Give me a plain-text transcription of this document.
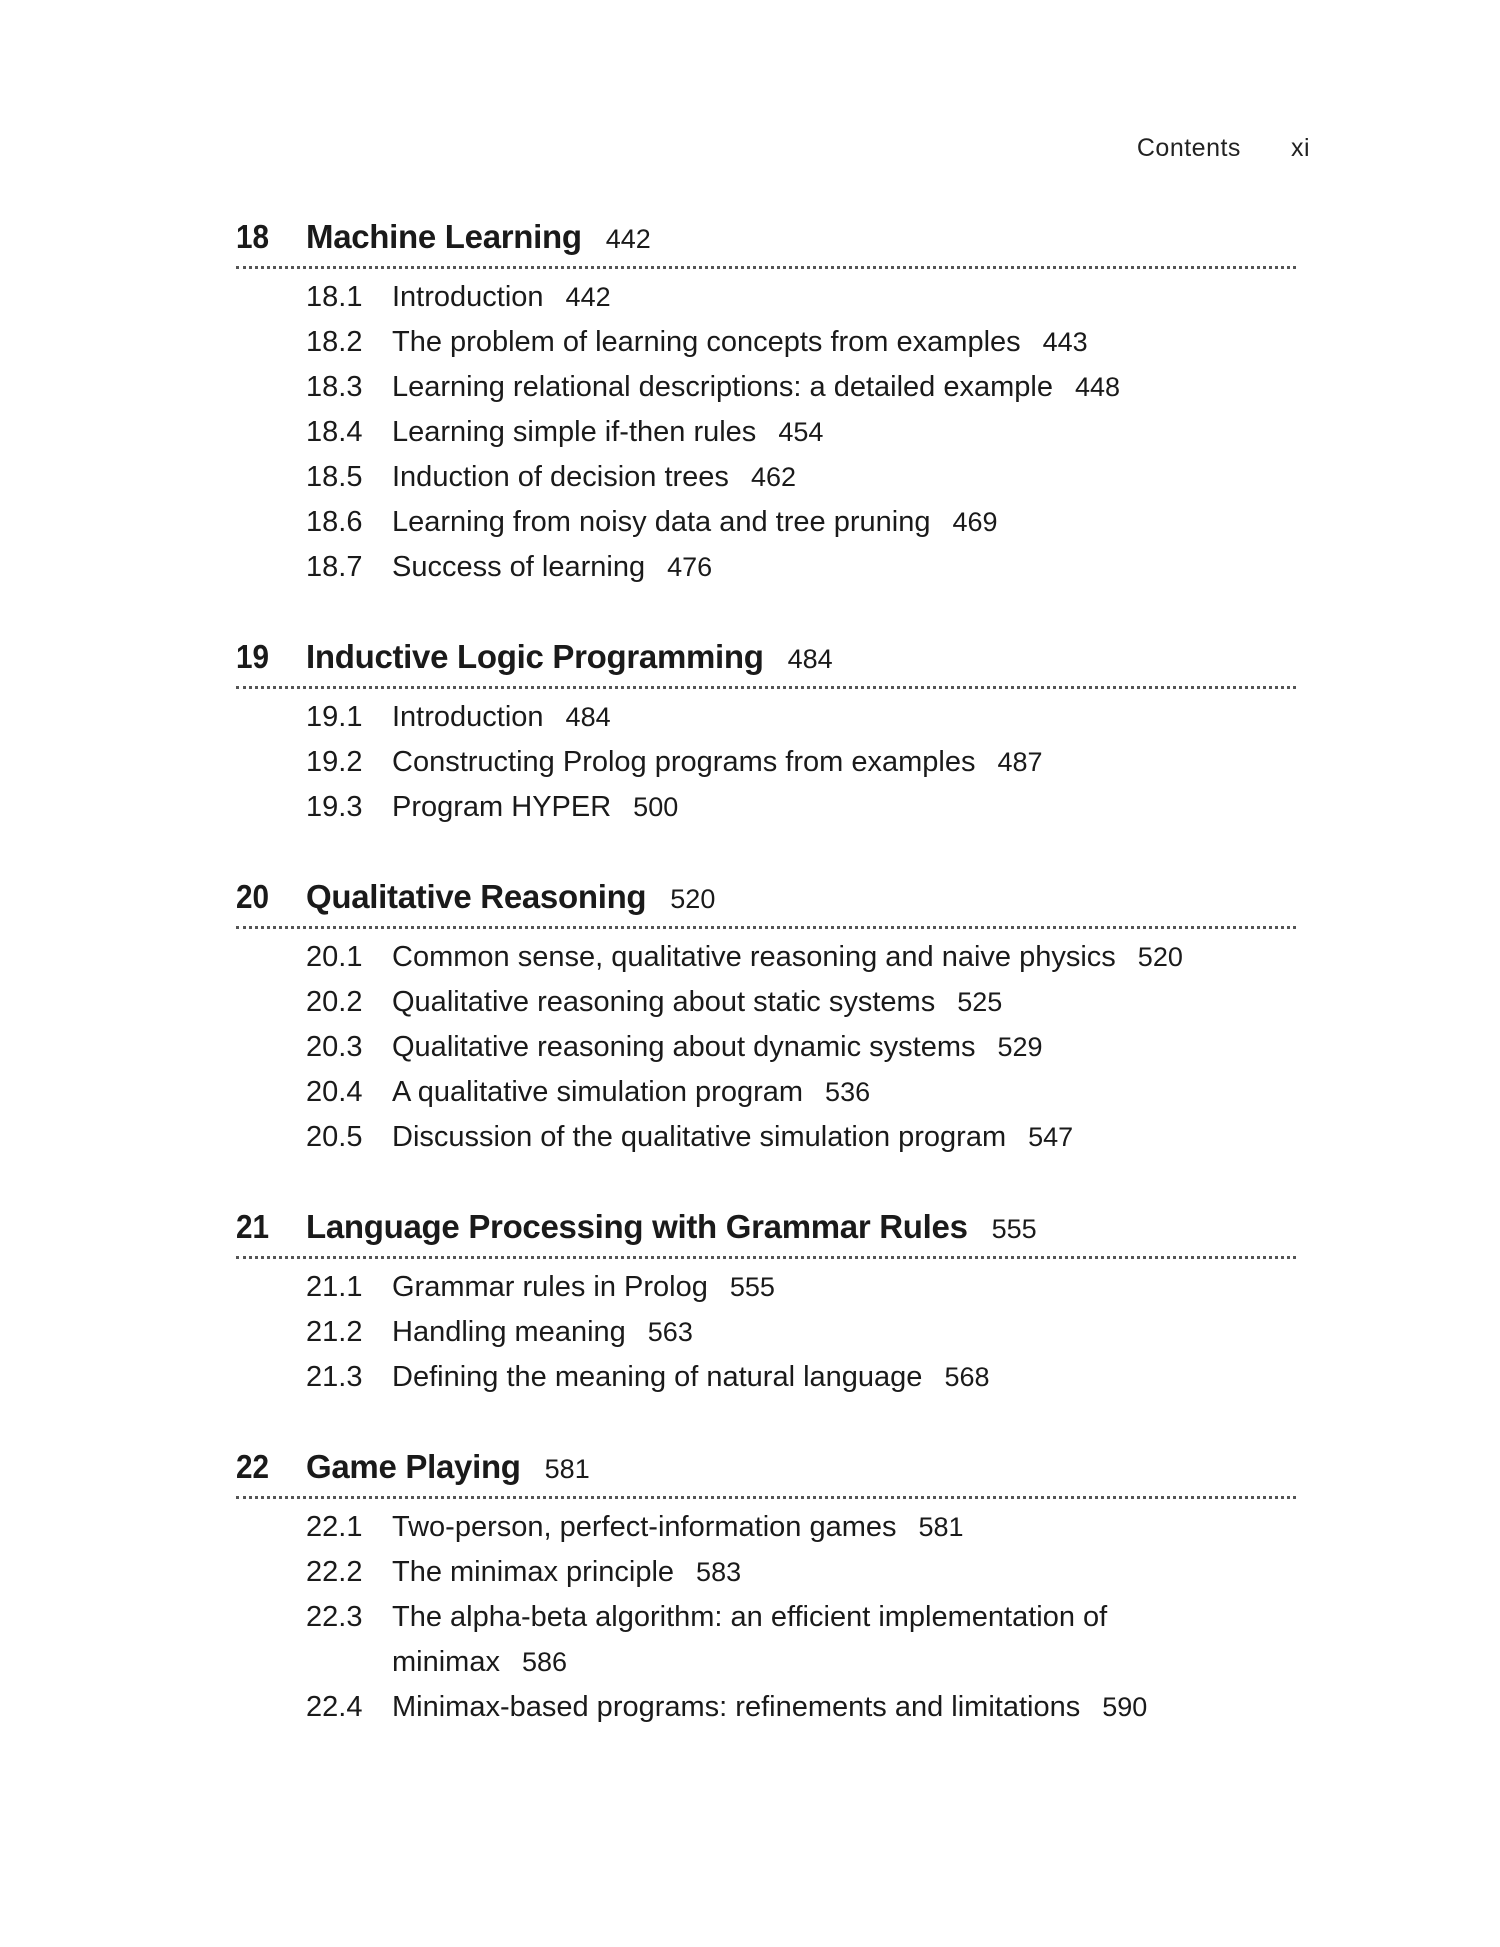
Contents xi
18	Machine Learning 442
18.1	Introduction 442
18.2	The problem of learning concepts from examples 443
18.3	Learning relational descriptions: a detailed example 448
18.4	Learning simple if-then rules 454
18.5	Induction of decision trees 462
18.6	Learning from noisy data and tree pruning 469
18.7	Success of learning 476
19	Inductive Logic Programming 484
19.1	Introduction 484
19.2	Constructing Prolog programs from examples 487
19.3	Program HYPER 500
20	Qualitative Reasoning 520
20.1	Common sense, qualitative reasoning and naive physics 520
20.2	Qualitative reasoning about static systems 525
20.3	Qualitative reasoning about dynamic systems 529
20.4	A qualitative simulation program 536
20.5	Discussion of the qualitative simulation program 547
21	Language Processing with Grammar Rules 555
21.1	Grammar rules in Prolog 555
21.2	Handling meaning 563
21.3	Defining the meaning of natural language 568
22	Game Playing 581
22.1	Two-person, perfect-information games 581
22.2	The minimax principle 583
22.3	The alpha-beta algorithm: an efficient implementation of minimax 586
22.4	Minimax-based programs: refinements and limitations 590
